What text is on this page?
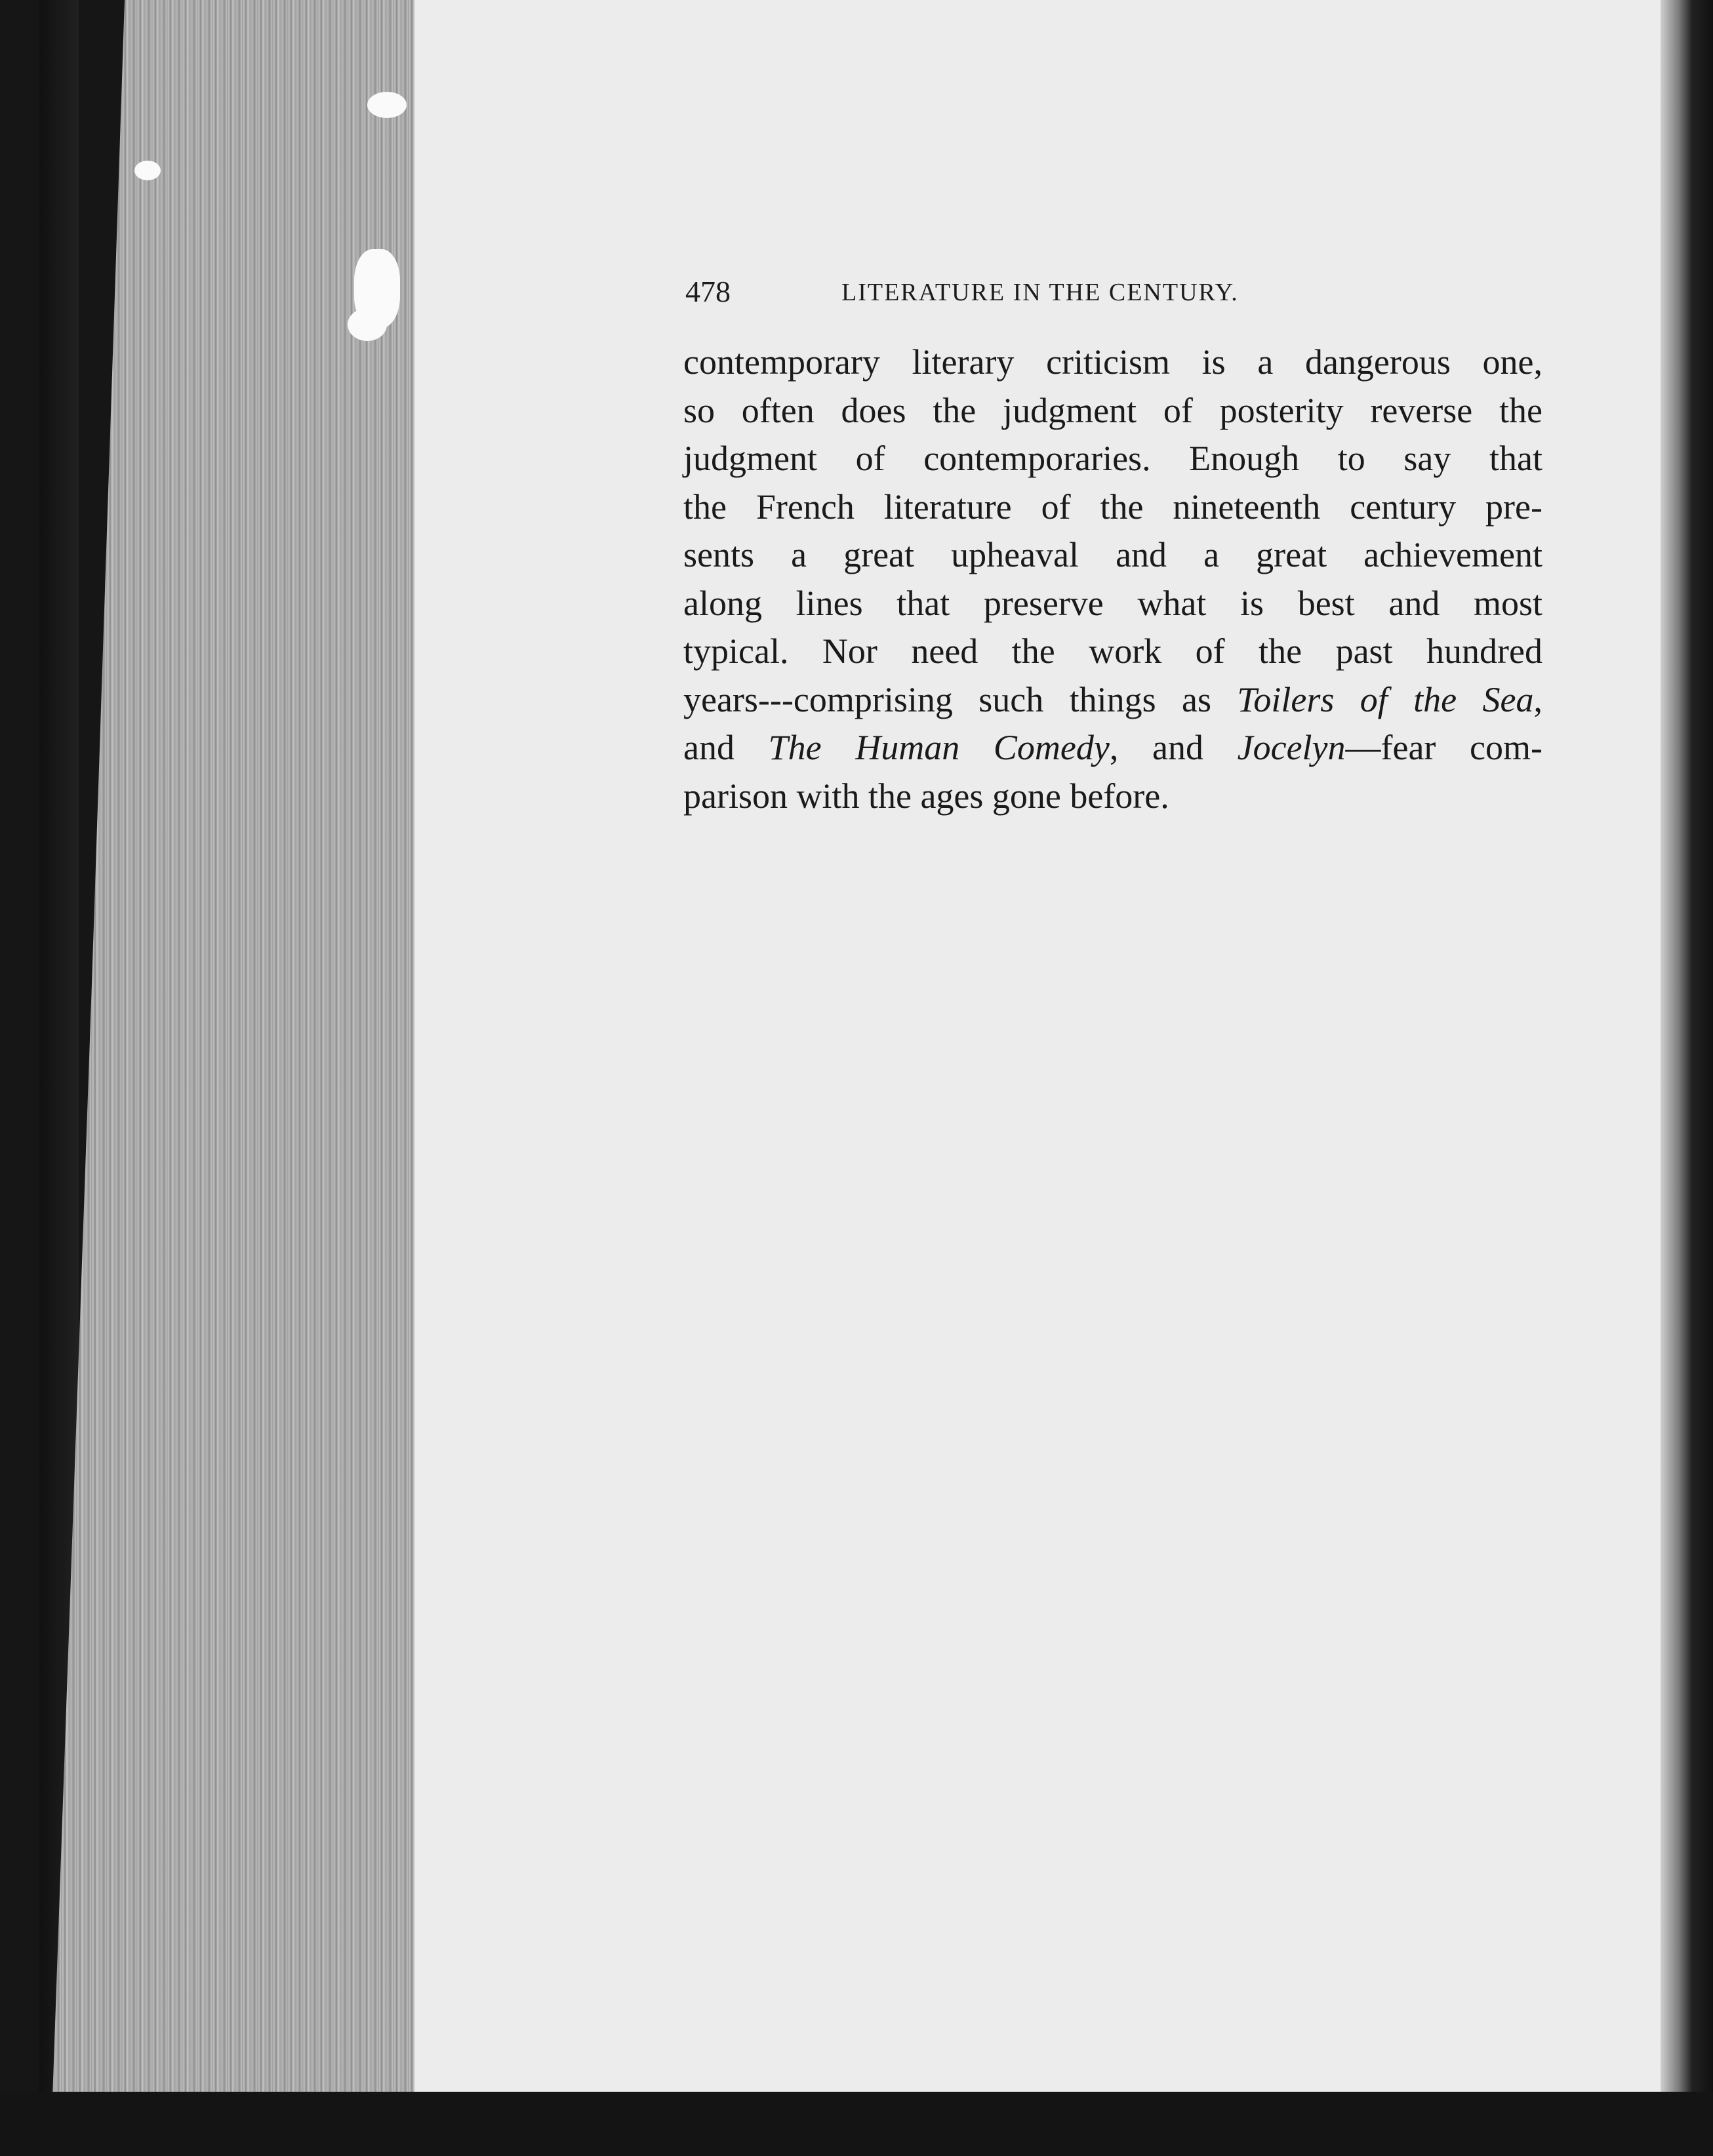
478	LITERATURE IN THE CENTURY.
contemporary literary criticism is a dangerous one,
so often does the judgment of posterity reverse the
judgment of contemporaries. Enough to say that
the French literature of the nineteenth century pre-
sents a great upheaval and a great achievement
along lines that preserve what is best and most
typical. Nor need the work of the past hundred
years---comprising such things as Toilers of the Sea,
and The Human Comedy, and Jocelyn—fear com-
parison with the ages gone before.
